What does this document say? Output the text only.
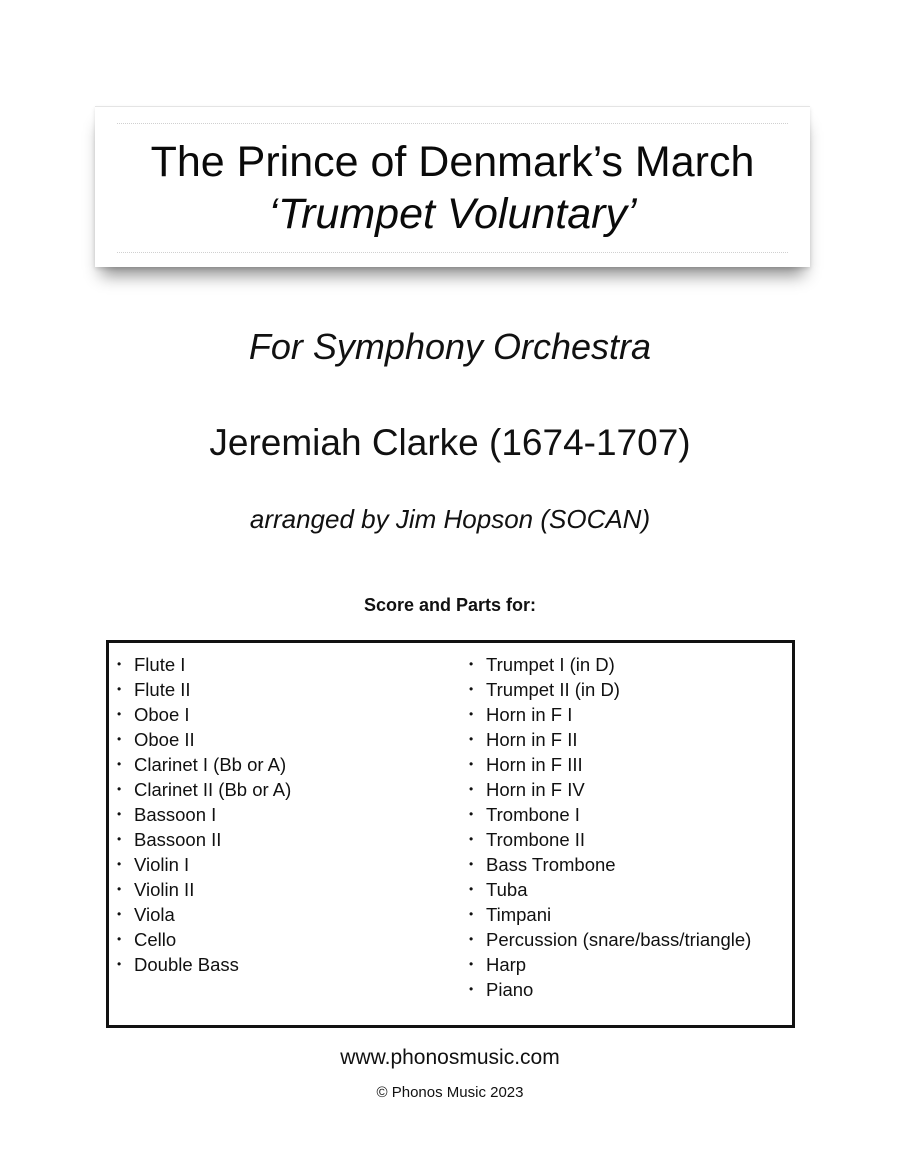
The Prince of Denmark’s March
‘Trumpet Voluntary’
For Symphony Orchestra
Jeremiah Clarke (1674-1707)
arranged by Jim Hopson (SOCAN)
Score and Parts for:
• Flute I
• Flute II
• Oboe I
• Oboe II
• Clarinet I (Bb or A)
• Clarinet II (Bb or A)
• Bassoon I
• Bassoon II
• Violin I
• Violin II
• Viola
• Cello
• Double Bass
• Trumpet I (in D)
• Trumpet II (in D)
• Horn in F I
• Horn in F II
• Horn in F III
• Horn in F IV
• Trombone I
• Trombone II
• Bass Trombone
• Tuba
• Timpani
• Percussion (snare/bass/triangle)
• Harp
• Piano
www.phonosmusic.com
© Phonos Music 2023
